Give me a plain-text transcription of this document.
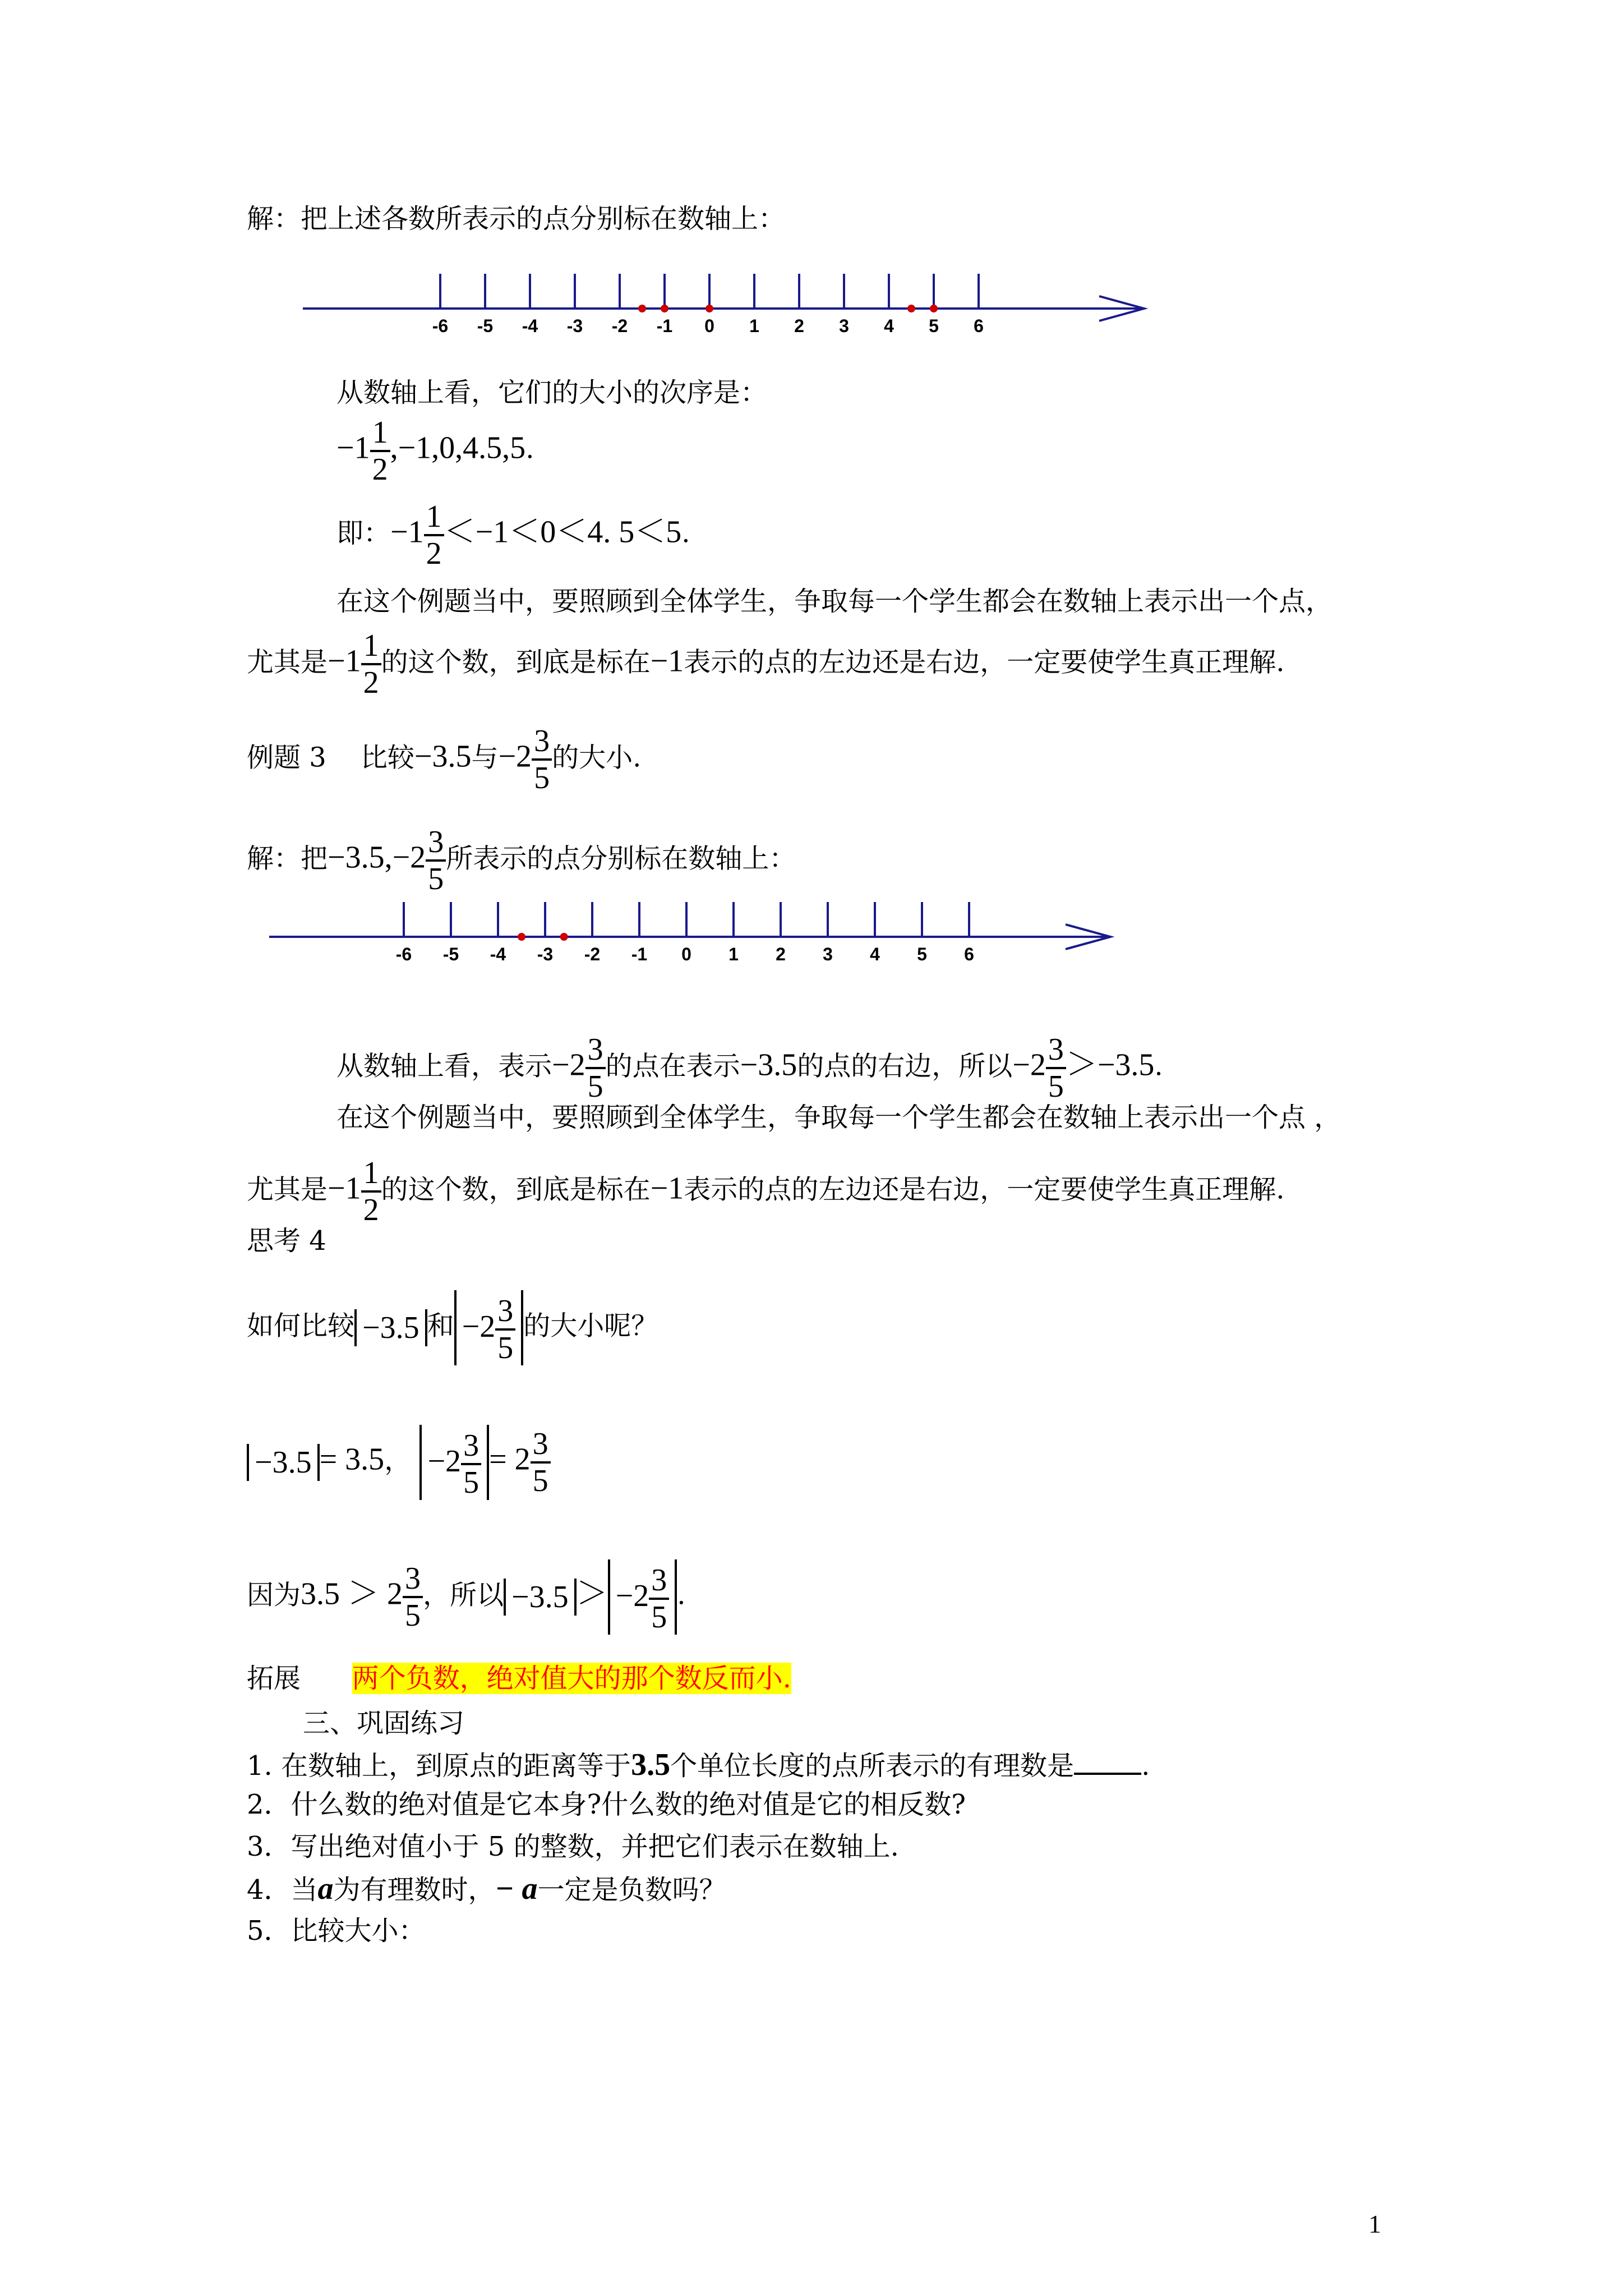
解：把上述各数所表示的点分别标在数轴上：
-6 -5 -4 -3 -2 -1 0 1 2 3 4 5 6
从数轴上看，它们的大小的次序是：
$-1 \frac{1}{2} ,-1,0,4.5,5$.
即：$-1 \frac{1}{2} <-1<0<4$. 5＜5.
在这个例题当中，要照顾到全体学生，争取每一个学生都会在数轴上表示出一个点，
尤其是$-1 \frac{1}{2}$ 的这个数，到底是标在−1表示的点的左边还是右边，一定要使学生真正理解.
例题 3 比较−3.5与$-2 \frac{3}{5}$ 的大小.
解：把$-3.5,-2 \frac{3}{5}$ 所表示的点分别标在数轴上：
-6 -5 -4 -3 -2 -1 0 1 2 3 4 5 6
从数轴上看，表示$-2 \frac{3}{5}$ 的点在表示−3.5的点的右边，所以$-2 \frac{3}{5} >-3.5$.
在这个例题当中，要照顾到全体学生，争取每一个学生都会在数轴上表示出一个点 ，
尤其是$-1 \frac{1}{2}$ 的这个数，到底是标在−1表示的点的左边还是右边，一定要使学生真正理解.
思考 4
如何比较 −3.5 和 $-2 \frac{3}{5}$ 的大小呢？
−3.5 = 3.5， $-2 \frac{3}{5} = 2 \frac{3}{5}$
因为$3.5 > 2 \frac{3}{5}$ ，所以 $-3.5 > -2 \frac{3}{5}$ .
拓展 两个负数，绝对值大的那个数反而小.
三、巩固练习
1. 在数轴上，到原点的距离等于3.5个单位长度的点所表示的有理数是	.
2．什么数的绝对值是它本身?什么数的绝对值是它的相反数?
3．写出绝对值小于 5 的整数，并把它们表示在数轴上.
4．当a为有理数时，− a一定是负数吗？
5．比较大小：
1
